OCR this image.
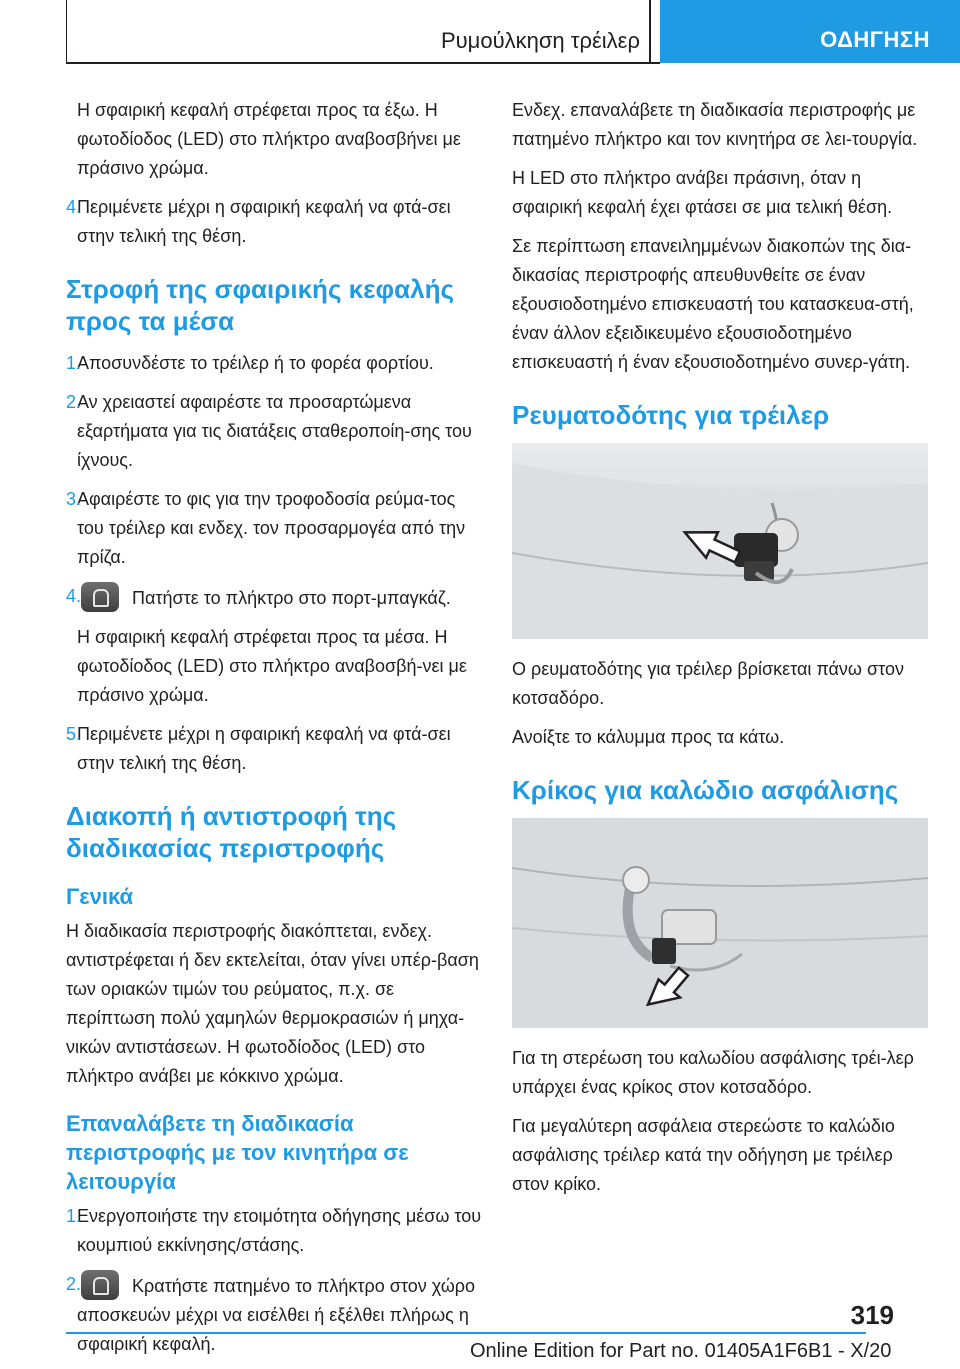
Ρυμούλκηση τρέιλερ	ΟΔΗΓΗΣΗ

Η σφαιρική κεφαλή στρέφεται προς τα έξω. Η φωτοδίοδος (LED) στο πλήκτρο αναβοσβήνει με πράσινο χρώμα.

4.
Περιμένετε μέχρι η σφαιρική κεφαλή να φτά-σει στην τελική της θέση.
Στροφή της σφαιρικής κεφαλής προς τα μέσα
1.
Αποσυνδέστε το τρέιλερ ή το φορέα φορτίου.
2.
Αν χρειαστεί αφαιρέστε τα προσαρτώμενα εξαρτήματα για τις διατάξεις σταθεροποίη-σης του ίχνους.
3.
Αφαιρέστε το φις για την τροφοδοσία ρεύμα-τος του τρέιλερ και ενδεχ. τον προσαρμογέα από την πρίζα.
4.	Πατήστε το πλήκτρο στο πορτ-μπαγκάζ.

Η σφαιρική κεφαλή στρέφεται προς τα μέσα. Η φωτοδίοδος (LED) στο πλήκτρο αναβοσβή-νει με πράσινο χρώμα.

5.
Περιμένετε μέχρι η σφαιρική κεφαλή να φτά-σει στην τελική της θέση.
Διακοπή ή αντιστροφή της διαδικασίας περιστροφής
Γενικά

Η διαδικασία περιστροφής διακόπτεται, ενδεχ. αντιστρέφεται ή δεν εκτελείται, όταν γίνει υπέρ-βαση των οριακών τιμών του ρεύματος, π.χ. σε περίπτωση πολύ χαμηλών θερμοκρασιών ή μηχα-νικών αντιστάσεων. Η φωτοδίοδος (LED) στο πλήκτρο ανάβει με κόκκινο χρώμα.

Επαναλάβετε τη διαδικασία περιστροφής με τον κινητήρα σε λειτουργία
1.
Ενεργοποιήστε την ετοιμότητα οδήγησης μέσω του κουμπιού εκκίνησης/στάσης.
2.	Κρατήστε πατημένο το πλήκτρο στον χώρο αποσκευών μέχρι να εισέλθει ή εξέλθει πλήρως η σφαιρική κεφαλή.

Ενδεχ. επαναλάβετε τη διαδικασία περιστροφής με πατημένο πλήκτρο και τον κινητήρα σε λει-τουργία.

Η LED στο πλήκτρο ανάβει πράσινη, όταν η σφαιρική κεφαλή έχει φτάσει σε μια τελική θέση.

Σε περίπτωση επανειλημμένων διακοπών της δια-δικασίας περιστροφής απευθυνθείτε σε έναν εξουσιοδοτημένο επισκευαστή του κατασκευα-στή, έναν άλλον εξειδικευμένο εξουσιοδοτημένο επισκευαστή ή έναν εξουσιοδοτημένο συνερ-γάτη.

Ρευματοδότης για τρέιλερ

Ο ρευματοδότης για τρέιλερ βρίσκεται πάνω στον κοτσαδόρο.

Ανοίξτε το κάλυμμα προς τα κάτω.

Κρίκος για καλώδιο ασφάλισης

Για τη στερέωση του καλωδίου ασφάλισης τρέι-λερ υπάρχει ένας κρίκος στον κοτσαδόρο.

Για μεγαλύτερη ασφάλεια στερεώστε το καλώδιο ασφάλισης τρέιλερ κατά την οδήγηση με τρέιλερ στον κρίκο.

319
Online Edition for Part no. 01405A1F6B1 - X/20
